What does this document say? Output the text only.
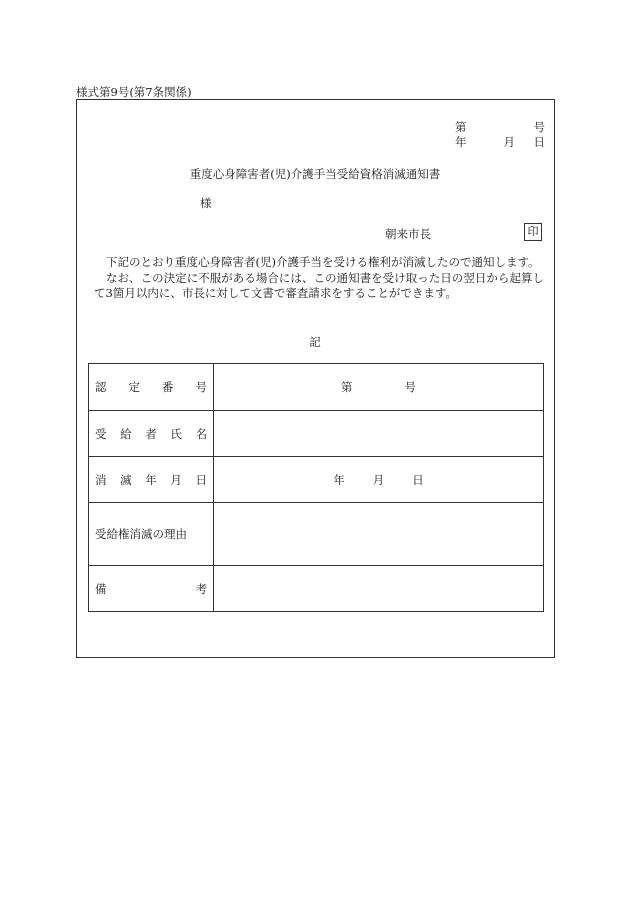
様式第9号(第7条関係)
第	号
年	月	日
重度心身障害者(児)介護手当受給資格消滅通知書
様
朝来市長	印

下記のとおり重度心身障害者(児)介護手当を受ける権利が消滅したので通知します。

なお、この決定に不服がある場合には、この通知書を受け取った日の翌日から起算して3箇月以内に、市長に対して文書で審査請求をすることができます。

記
認 定 番 号	第 号

受 給 者 氏 名	

消 滅 年 月 日	年 月 日

受給権消滅の理由	

備 考	
